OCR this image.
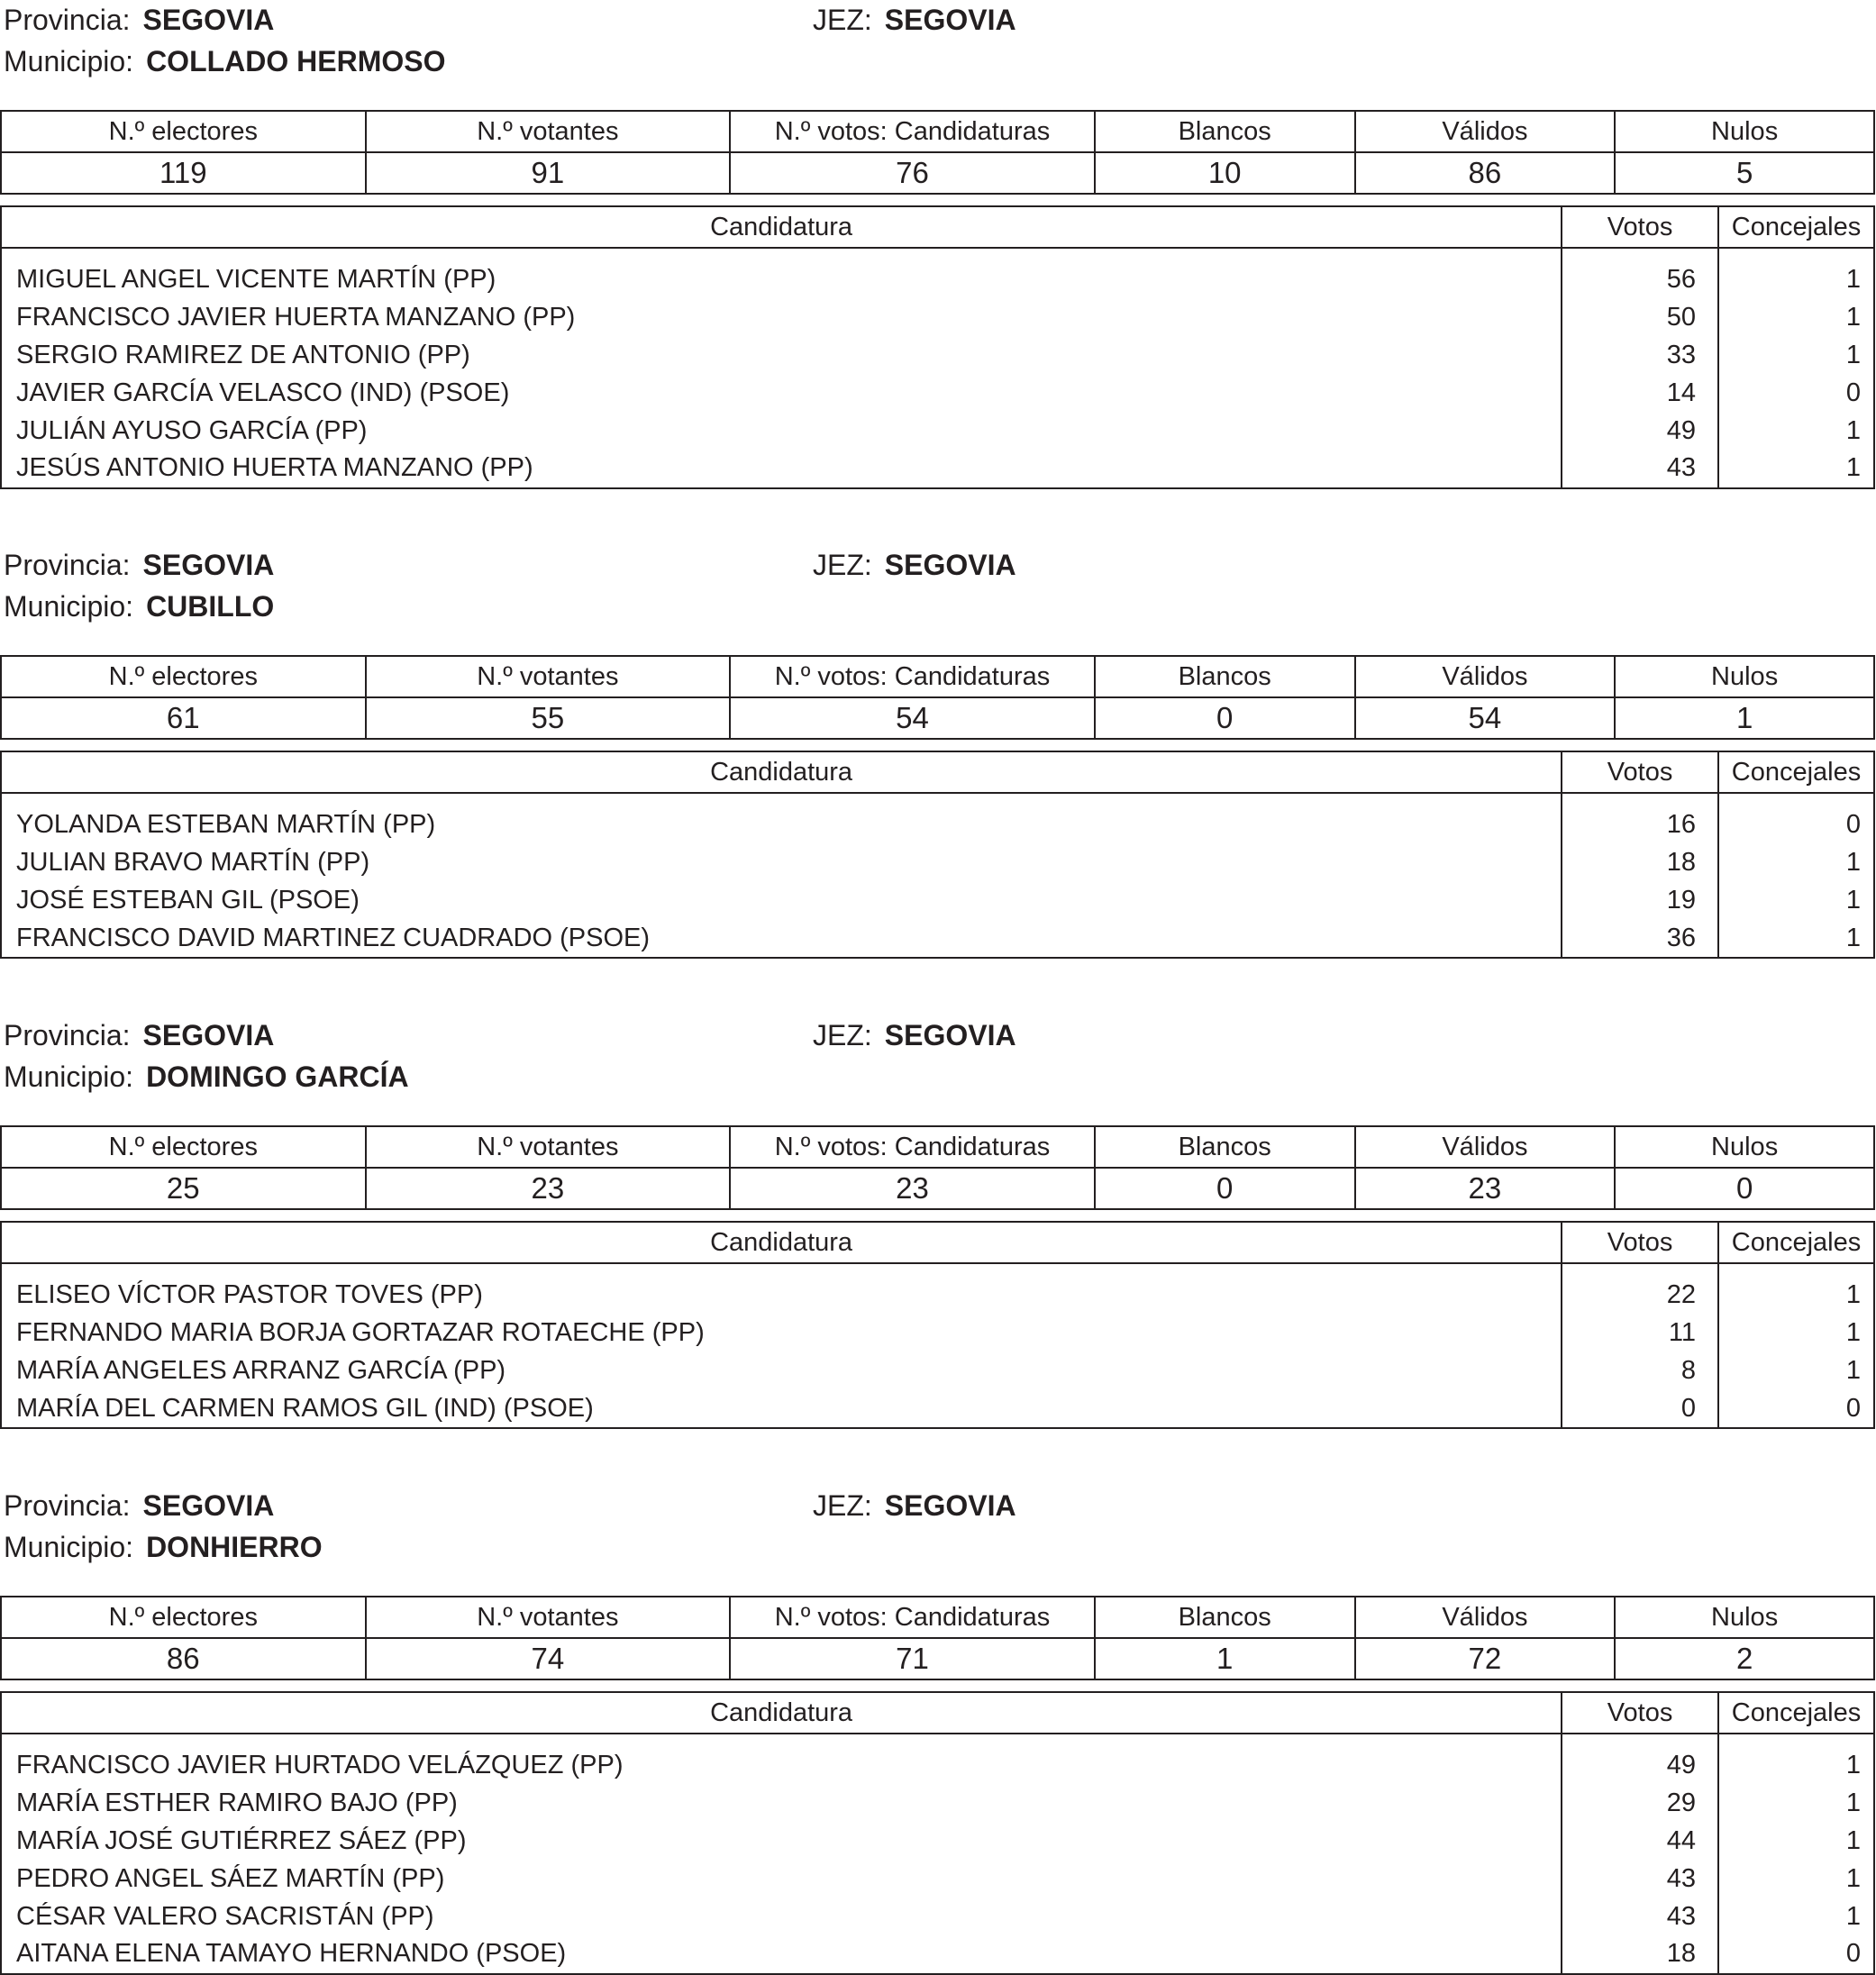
Provincia: SEGOVIA	JEZ: SEGOVIA
Municipio: COLLADO HERMOSO
N.º electores	N.º votantes	N.º votos: Candidaturas	Blancos	Válidos	Nulos
119	91	76	10	86	5
Candidatura	Votos	Concejales
MIGUEL ANGEL VICENTE MARTÍN (PP)	56	1
FRANCISCO JAVIER HUERTA MANZANO (PP)	50	1
SERGIO RAMIREZ DE ANTONIO (PP)	33	1
JAVIER GARCÍA VELASCO (IND) (PSOE)	14	0
JULIÁN AYUSO GARCÍA (PP)	49	1
JESÚS ANTONIO HUERTA MANZANO (PP)	43	1
Provincia: SEGOVIA	JEZ: SEGOVIA
Municipio: CUBILLO
N.º electores	N.º votantes	N.º votos: Candidaturas	Blancos	Válidos	Nulos
61	55	54	0	54	1
Candidatura	Votos	Concejales
YOLANDA ESTEBAN MARTÍN (PP)	16	0
JULIAN BRAVO MARTÍN (PP)	18	1
JOSÉ ESTEBAN GIL (PSOE)	19	1
FRANCISCO DAVID MARTINEZ CUADRADO (PSOE)	36	1
Provincia: SEGOVIA	JEZ: SEGOVIA
Municipio: DOMINGO GARCÍA
N.º electores	N.º votantes	N.º votos: Candidaturas	Blancos	Válidos	Nulos
25	23	23	0	23	0
Candidatura	Votos	Concejales
ELISEO VÍCTOR PASTOR TOVES (PP)	22	1
FERNANDO MARIA BORJA GORTAZAR ROTAECHE (PP)	11	1
MARÍA ANGELES ARRANZ GARCÍA (PP)	8	1
MARÍA DEL CARMEN RAMOS GIL (IND) (PSOE)	0	0
Provincia: SEGOVIA	JEZ: SEGOVIA
Municipio: DONHIERRO
N.º electores	N.º votantes	N.º votos: Candidaturas	Blancos	Válidos	Nulos
86	74	71	1	72	2
Candidatura	Votos	Concejales
FRANCISCO JAVIER HURTADO VELÁZQUEZ (PP)	49	1
MARÍA ESTHER RAMIRO BAJO (PP)	29	1
MARÍA JOSÉ GUTIÉRREZ SÁEZ (PP)	44	1
PEDRO ANGEL SÁEZ MARTÍN (PP)	43	1
CÉSAR VALERO SACRISTÁN (PP)	43	1
AITANA ELENA TAMAYO HERNANDO (PSOE)	18	0
